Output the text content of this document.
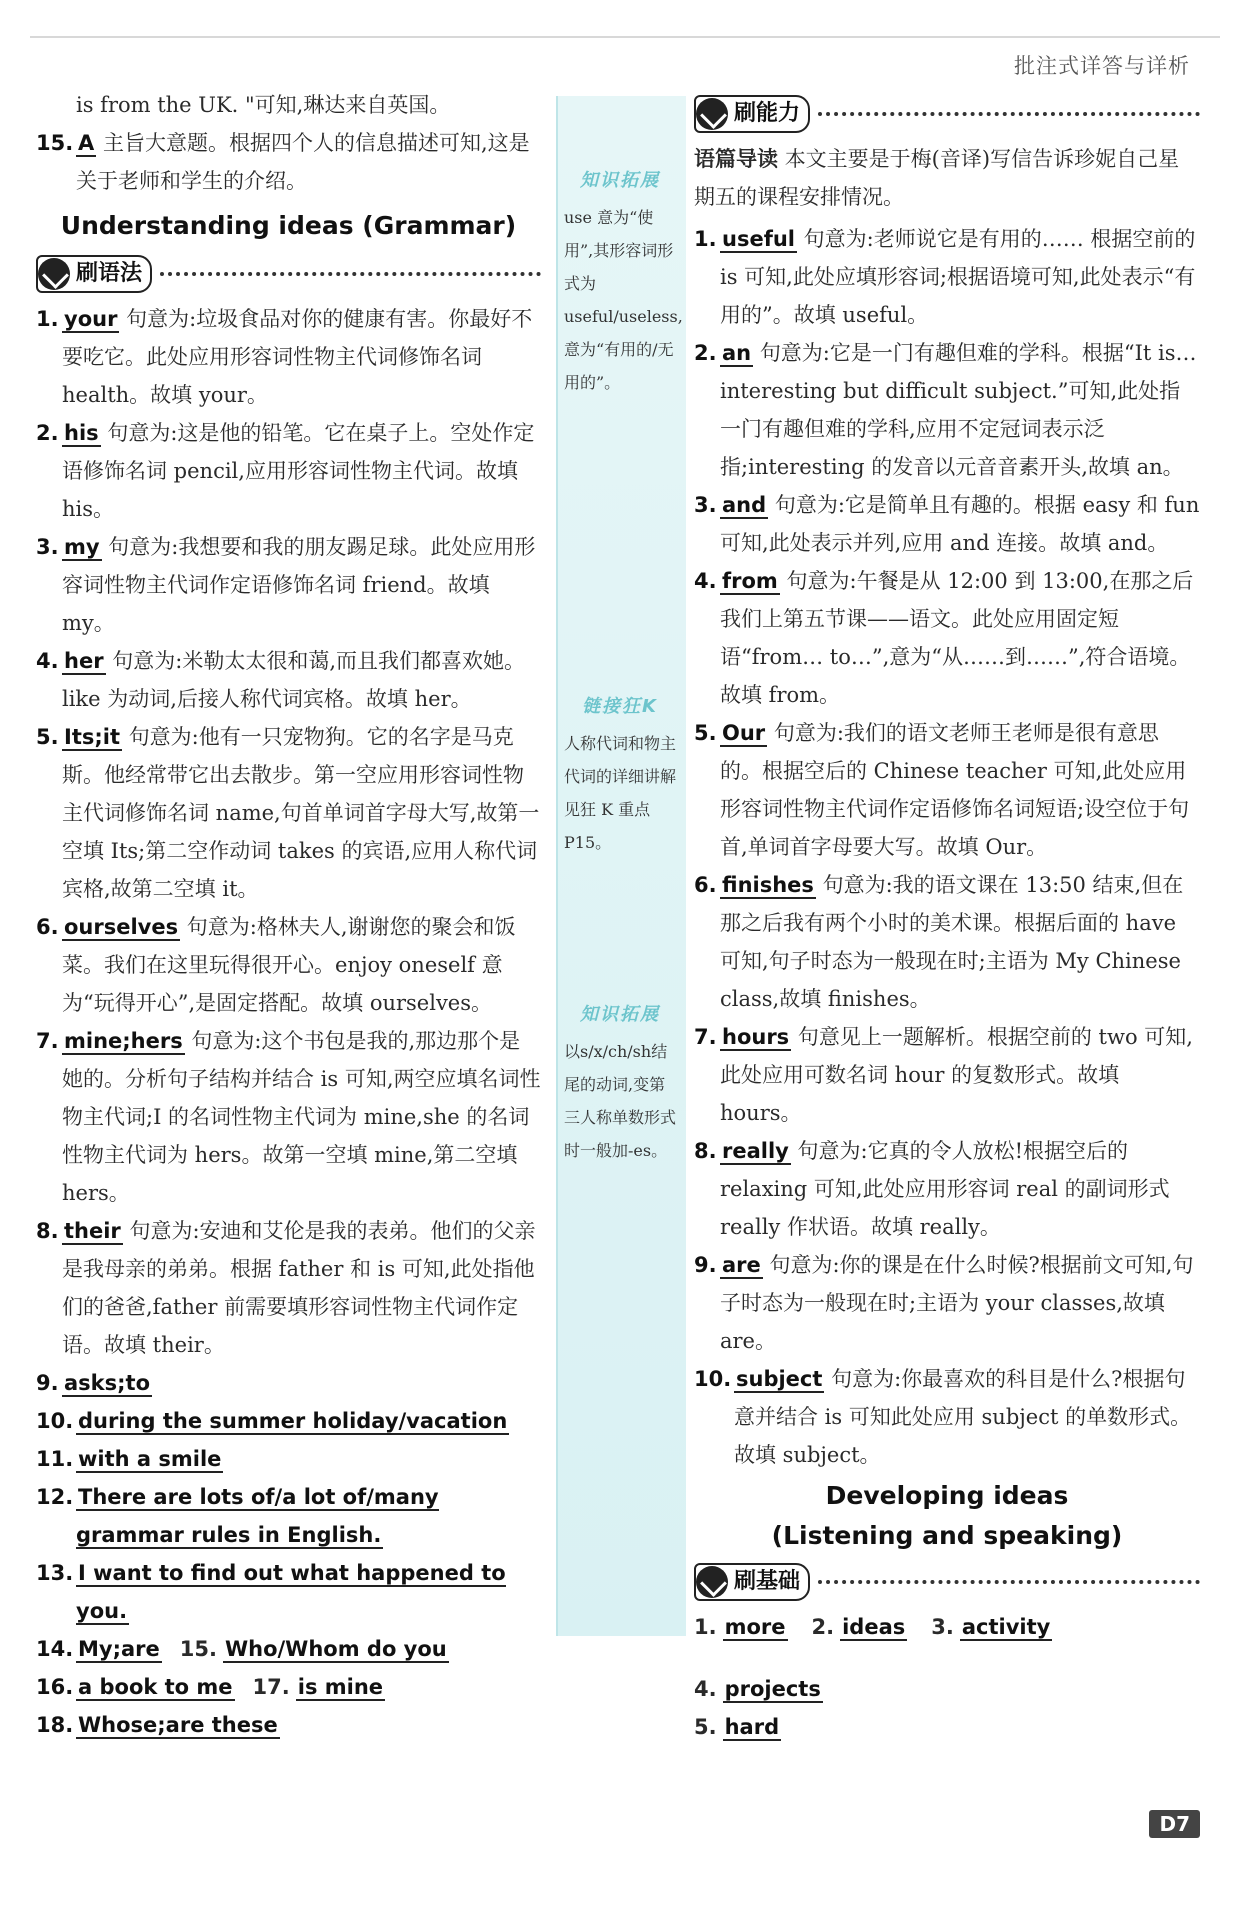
批注式详答与详析
知识拓展
use 意为“使用”,其形容词形式为 useful/useless,意为“有用的/无用的”。
链接狂K
人称代词和物主代词的详细讲解见狂 K 重点 P15。
知识拓展
以s/x/ch/sh结尾的动词,变第三人称单数形式时一般加-es。

is from the UK. "可知,琳达来自英国。

15. A 主旨大意题。根据四个人的信息描述可知,这是关于老师和学生的介绍。

Understanding ideas (Grammar)
刷语法

1. your 句意为:垃圾食品对你的健康有害。你最好不要吃它。此处应用形容词性物主代词修饰名词 health。故填 your。

2. his 句意为:这是他的铅笔。它在桌子上。空处作定语修饰名词 pencil,应用形容词性物主代词。故填 his。

3. my 句意为:我想要和我的朋友踢足球。此处应用形容词性物主代词作定语修饰名词 friend。故填 my。

4. her 句意为:米勒太太很和蔼,而且我们都喜欢她。like 为动词,后接人称代词宾格。故填 her。

5. Its;it 句意为:他有一只宠物狗。它的名字是马克斯。他经常带它出去散步。第一空应用形容词性物主代词修饰名词 name,句首单词首字母大写,故第一空填 Its;第二空作动词 takes 的宾语,应用人称代词宾格,故第二空填 it。

6. ourselves 句意为:格林夫人,谢谢您的聚会和饭菜。我们在这里玩得很开心。enjoy oneself 意为“玩得开心”,是固定搭配。故填 ourselves。

7. mine;hers 句意为:这个书包是我的,那边那个是她的。分析句子结构并结合 is 可知,两空应填名词性物主代词;I 的名词性物主代词为 mine,she 的名词性物主代词为 hers。故第一空填 mine,第二空填 hers。

8. their 句意为:安迪和艾伦是我的表弟。他们的父亲是我母亲的弟弟。根据 father 和 is 可知,此处指他们的爸爸,father 前需要填形容词性物主代词作定语。故填 their。

9. asks;to

10. during the summer holiday/vacation

11. with a smile

12. There are lots of/a lot of/many grammar rules in English.

13. I want to find out what happened to you.

14. My;are 15. Who/Whom do you

16. a book to me 17. is mine

18. Whose;are these

刷能力

语篇导读 本文主要是于梅(音译)写信告诉珍妮自己星期五的课程安排情况。

1. useful 句意为:老师说它是有用的…… 根据空前的 is 可知,此处应填形容词;根据语境可知,此处表示“有用的”。故填 useful。

2. an 句意为:它是一门有趣但难的学科。根据“It is… interesting but difficult subject.”可知,此处指一门有趣但难的学科,应用不定冠词表示泛指;interesting 的发音以元音音素开头,故填 an。

3. and 句意为:它是简单且有趣的。根据 easy 和 fun 可知,此处表示并列,应用 and 连接。故填 and。

4. from 句意为:午餐是从 12:00 到 13:00,在那之后我们上第五节课——语文。此处应用固定短语“from… to…”,意为“从……到……”,符合语境。故填 from。

5. Our 句意为:我们的语文老师王老师是很有意思的。根据空后的 Chinese teacher 可知,此处应用形容词性物主代词作定语修饰名词短语;设空位于句首,单词首字母要大写。故填 Our。

6. finishes 句意为:我的语文课在 13:50 结束,但在那之后我有两个小时的美术课。根据后面的 have 可知,句子时态为一般现在时;主语为 My Chinese class,故填 finishes。

7. hours 句意见上一题解析。根据空前的 two 可知,此处应用可数名词 hour 的复数形式。故填 hours。

8. really 句意为:它真的令人放松!根据空后的 relaxing 可知,此处应用形容词 real 的副词形式 really 作状语。故填 really。

9. are 句意为:你的课是在什么时候?根据前文可知,句子时态为一般现在时;主语为 your classes,故填 are。

10. subject 句意为:你最喜欢的科目是什么?根据句意并结合 is 可知此处应用 subject 的单数形式。故填 subject。

Developing ideas
(Listening and speaking)
刷基础

1. more 2. ideas 3. activity
4. projects

5. hard

D7
